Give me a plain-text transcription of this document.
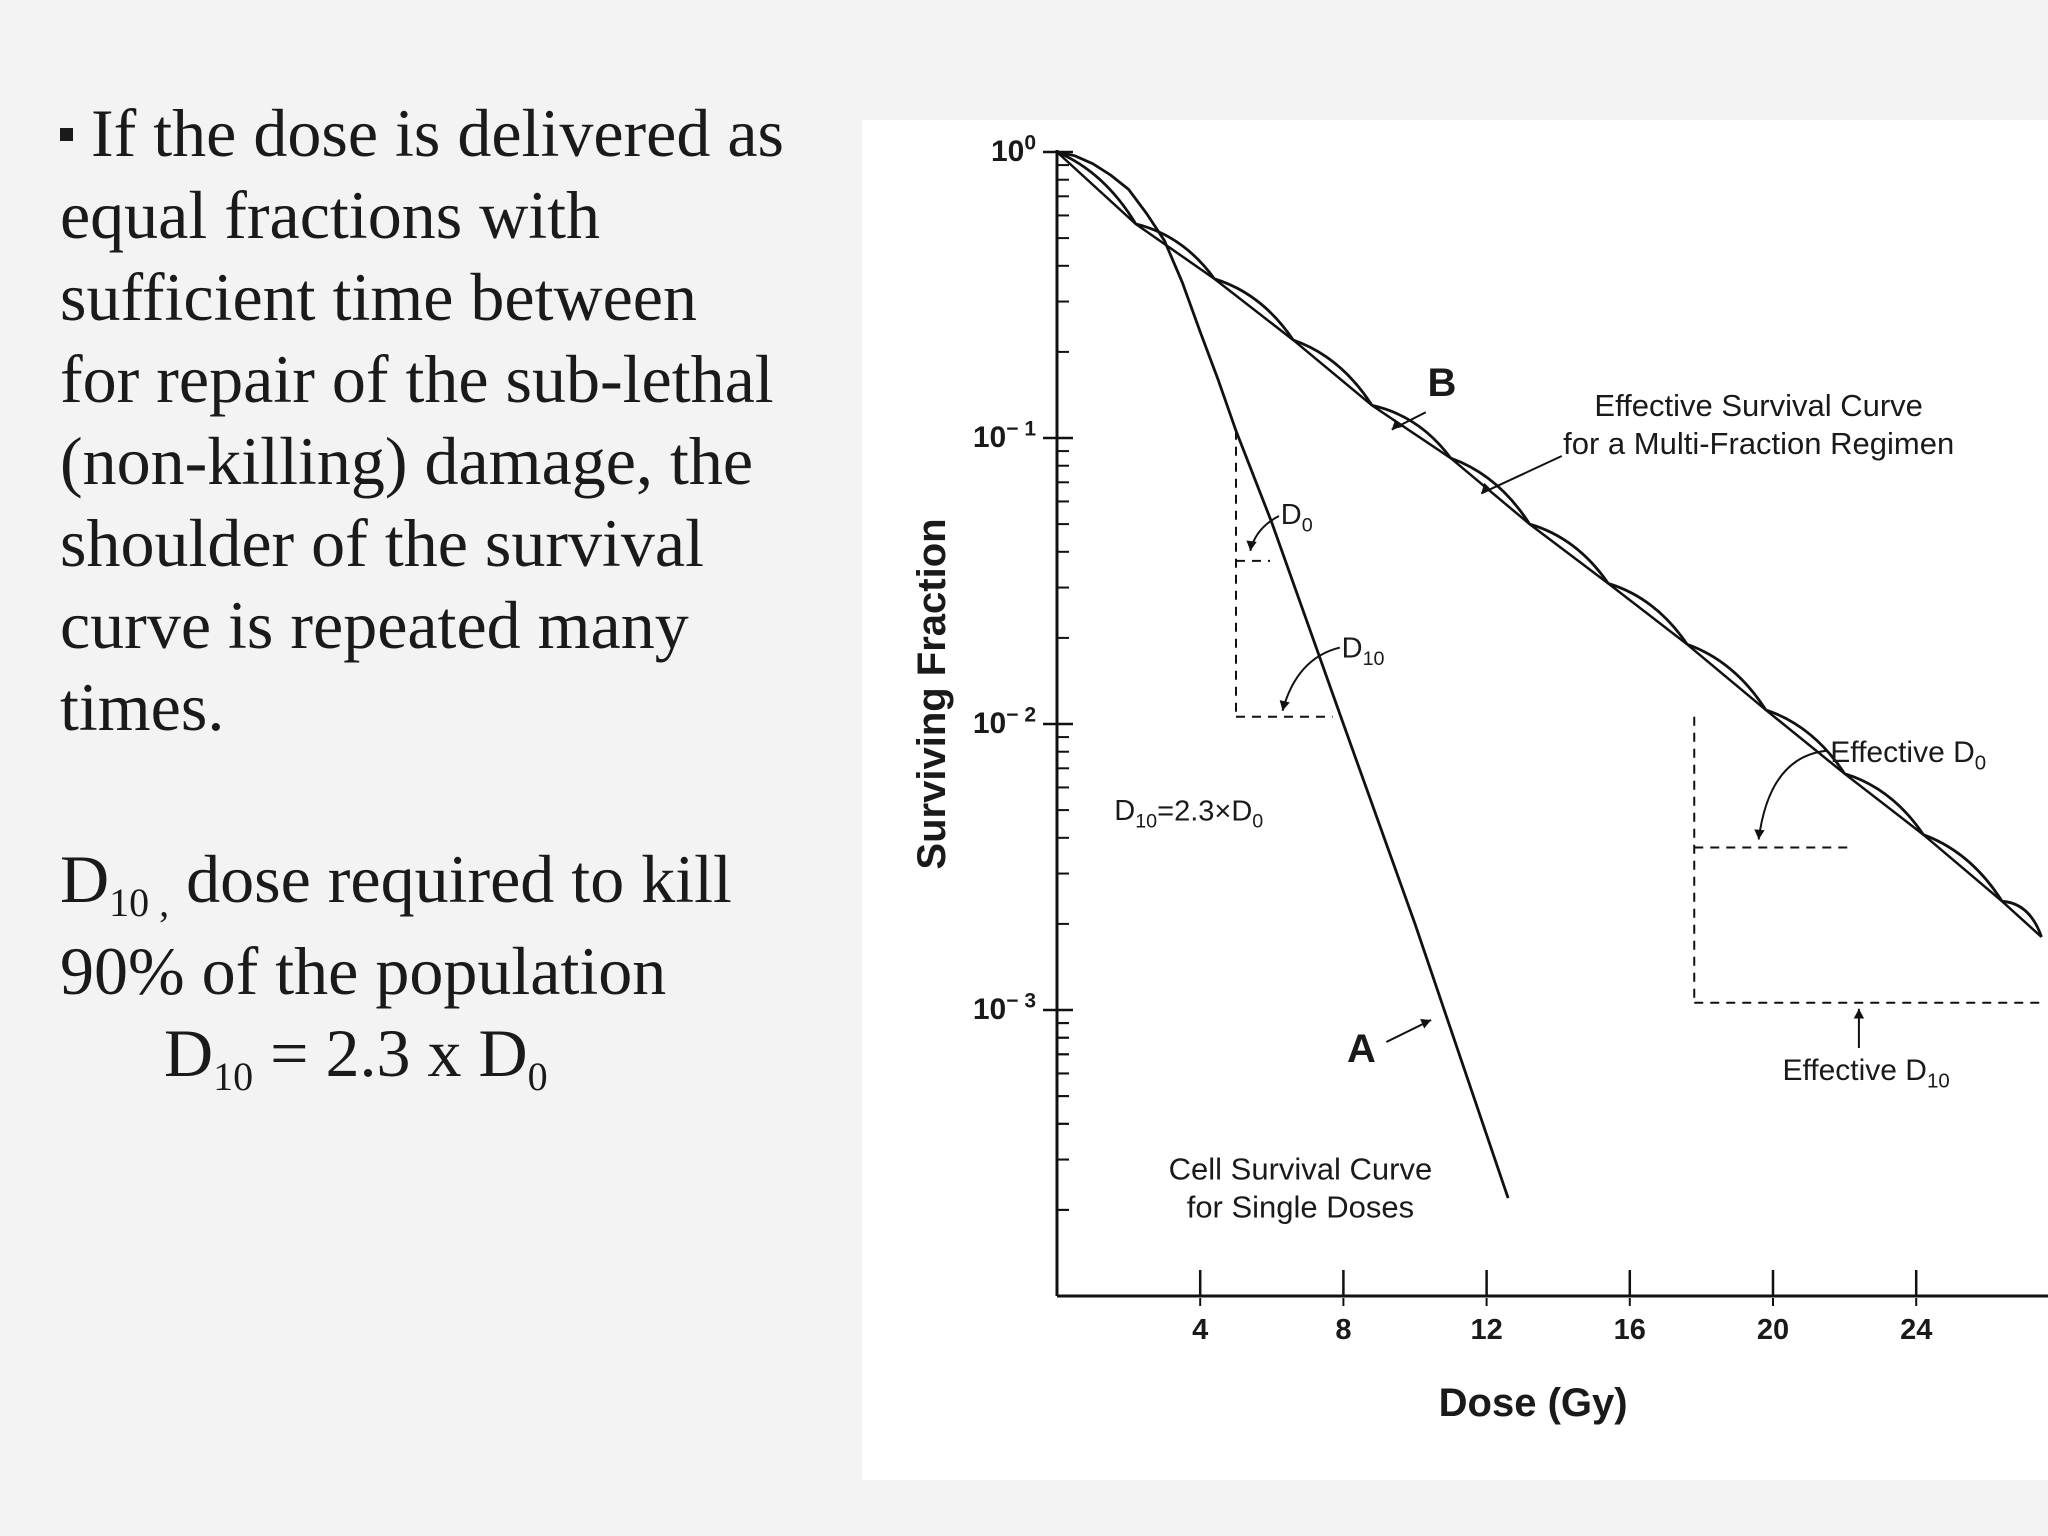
If the dose is delivered as
equal fractions with
sufficient time between
for repair of the sub-lethal
(non-killing) damage, the
shoulder of the survival
curve is repeated many
times.

$D_{10 ,}$ dose required to kill

90% of the population

$D_{10} = 2.3$ x $D_0$

4	8	12	16	20	24
$10^0$
$10^{- 1}$
$10^{- 2}$
$10^{- 3}$
Dose (Gy)
Surviving Fraction
B
Effective Survival Curve
for a Multi-Fraction Regimen
$D_0$
$D_{10}$
$D_{10}=2.3\times D_0$
A
Effective $D_0$
Effective $D_{10}$
Cell Survival Curve
for Single Doses
